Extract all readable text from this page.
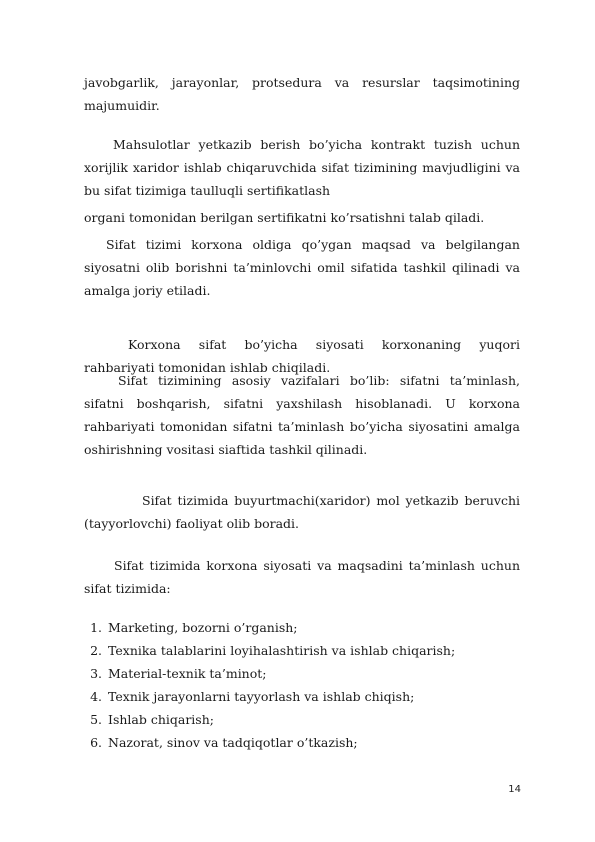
javobgarlik, jarayonlar, protsedura va resurslar taqsimotining majumuidir.

Mahsulotlar yetkazib berish bo’yicha kontrakt tuzish uchun xorijlik xaridor ishlab chiqaruvchida sifat tizimining mavjudligini va bu sifat tizimiga taulluqli sertifikatlash

organi tomonidan berilgan sertifikatni ko’rsatishni talab qiladi.

Sifat tizimi korxona oldiga qo’ygan maqsad va belgilangan siyosatni olib borishni ta’minlovchi omil sifatida tashkil qilinadi va amalga joriy etiladi.

Korxona sifat bo’yicha siyosati korxonaning yuqori rahbariyati tomonidan ishlab chiqiladi.

Sifat tizimining asosiy vazifalari bo’lib: sifatni ta’minlash, sifatni boshqarish, sifatni yaxshilash hisoblanadi. U korxona rahbariyati tomonidan sifatni ta’minlash bo’yicha siyosatini amalga oshirishning vositasi siaftida tashkil qilinadi.

Sifat tizimida buyurtmachi(xaridor) mol yetkazib beruvchi (tayyorlovchi) faoliyat olib boradi.

Sifat tizimida korxona siyosati va maqsadini ta’minlash uchun sifat tizimida:

1. Marketing, bozorni o’rganish;
2. Texnika talablarini loyihalashtirish va ishlab chiqarish;
3. Material-texnik ta’minot;
4. Texnik jarayonlarni tayyorlash va ishlab chiqish;
5. Ishlab chiqarish;
6. Nazorat, sinov va tadqiqotlar o’tkazish;
14
